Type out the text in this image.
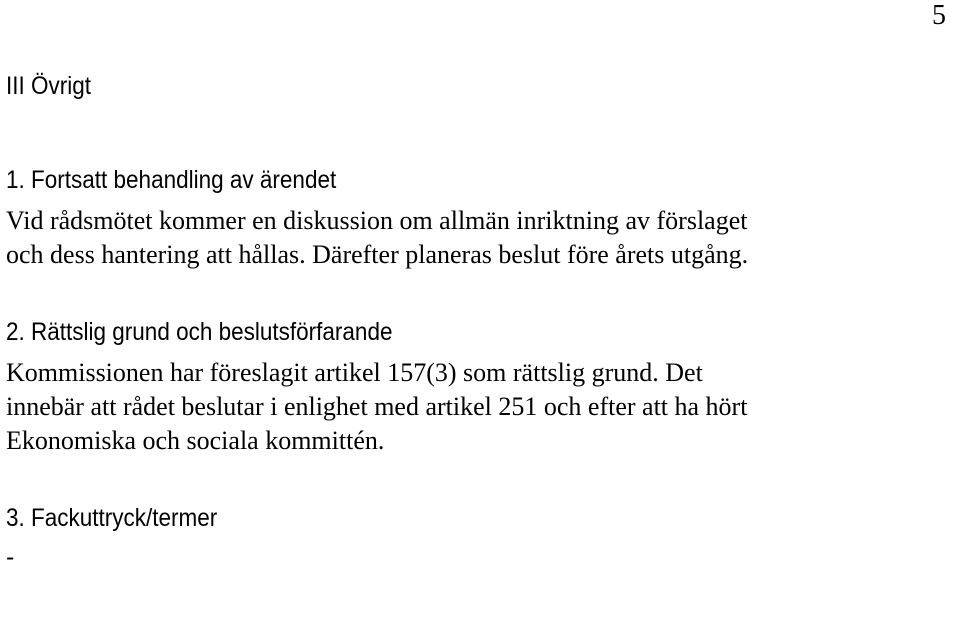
5
III Övrigt
1. Fortsatt behandling av ärendet

Vid rådsmötet kommer en diskussion om allmän inriktning av förslaget
och dess hantering att hållas. Därefter planeras beslut före årets utgång.

2. Rättslig grund och beslutsförfarande

Kommissionen har föreslagit artikel 157(3) som rättslig grund. Det
innebär att rådet beslutar i enlighet med artikel 251 och efter att ha hört
Ekonomiska och sociala kommittén.

3. Fackuttryck/termer

-
